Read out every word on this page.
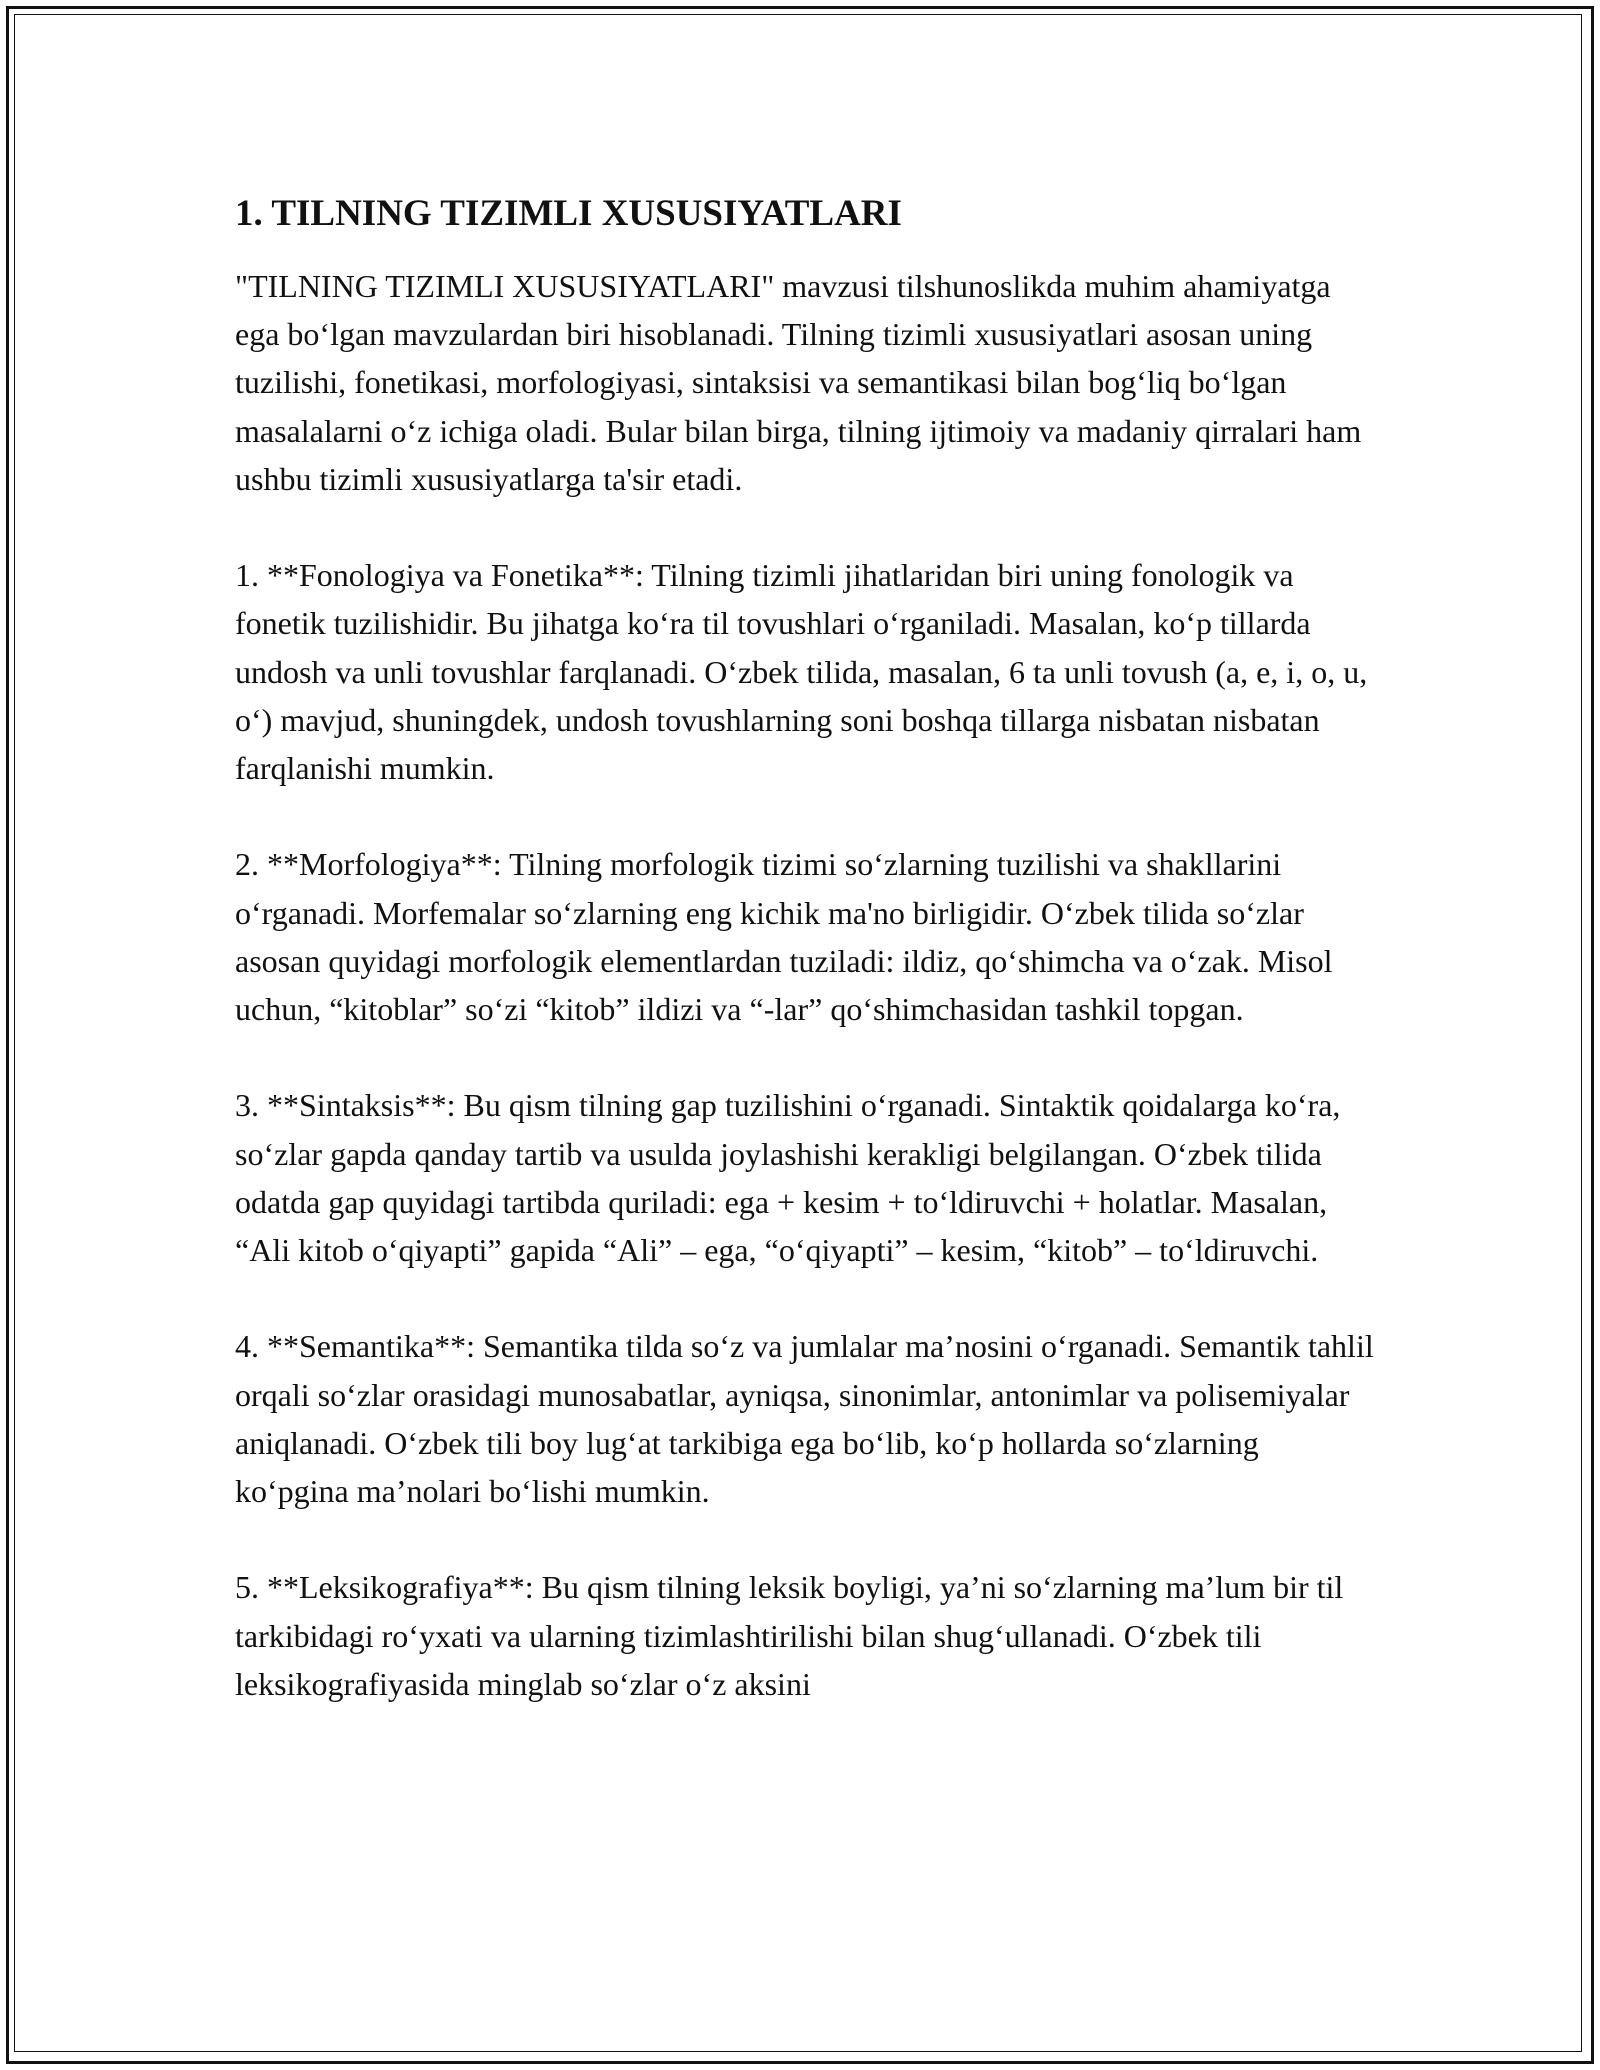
1. TILNING TIZIMLI XUSUSIYATLARI

"TILNING TIZIMLI XUSUSIYATLARI" mavzusi tilshunoslikda muhim ahamiyatga ega bo‘lgan mavzulardan biri hisoblanadi. Tilning tizimli xususiyatlari asosan uning tuzilishi, fonetikasi, morfologiyasi, sintaksisi va semantikasi bilan bog‘liq bo‘lgan masalalarni o‘z ichiga oladi. Bular bilan birga, tilning ijtimoiy va madaniy qirralari ham ushbu tizimli xususiyatlarga ta'sir etadi.

1. **Fonologiya va Fonetika**: Tilning tizimli jihatlaridan biri uning fonologik va fonetik tuzilishidir. Bu jihatga ko‘ra til tovushlari o‘rganiladi. Masalan, ko‘p tillarda undosh va unli tovushlar farqlanadi. O‘zbek tilida, masalan, 6 ta unli tovush (a, e, i, o, u, o‘) mavjud, shuningdek, undosh tovushlarning soni boshqa tillarga nisbatan nisbatan farqlanishi mumkin.

2. **Morfologiya**: Tilning morfologik tizimi so‘zlarning tuzilishi va shakllarini o‘rganadi. Morfemalar so‘zlarning eng kichik ma'no birligidir. O‘zbek tilida so‘zlar asosan quyidagi morfologik elementlardan tuziladi: ildiz, qo‘shimcha va o‘zak. Misol uchun, “kitoblar” so‘zi “kitob” ildizi va “-lar” qo‘shimchasidan tashkil topgan.

3. **Sintaksis**: Bu qism tilning gap tuzilishini o‘rganadi. Sintaktik qoidalarga ko‘ra, so‘zlar gapda qanday tartib va usulda joylashishi kerakligi belgilangan. O‘zbek tilida odatda gap quyidagi tartibda quriladi: ega + kesim + to‘ldiruvchi + holatlar. Masalan, “Ali kitob o‘qiyapti” gapida “Ali” – ega, “o‘qiyapti” – kesim, “kitob” – to‘ldiruvchi.

4. **Semantika**: Semantika tilda so‘z va jumlalar ma’nosini o‘rganadi. Semantik tahlil orqali so‘zlar orasidagi munosabatlar, ayniqsa, sinonimlar, antonimlar va polisemiyalar aniqlanadi. O‘zbek tili boy lug‘at tarkibiga ega bo‘lib, ko‘p hollarda so‘zlarning ko‘pgina ma’nolari bo‘lishi mumkin.

5. **Leksikografiya**: Bu qism tilning leksik boyligi, ya’ni so‘zlarning ma’lum bir til tarkibidagi ro‘yxati va ularning tizimlashtirilishi bilan shug‘ullanadi. O‘zbek tili leksikografiyasida minglab so‘zlar o‘z aksini
